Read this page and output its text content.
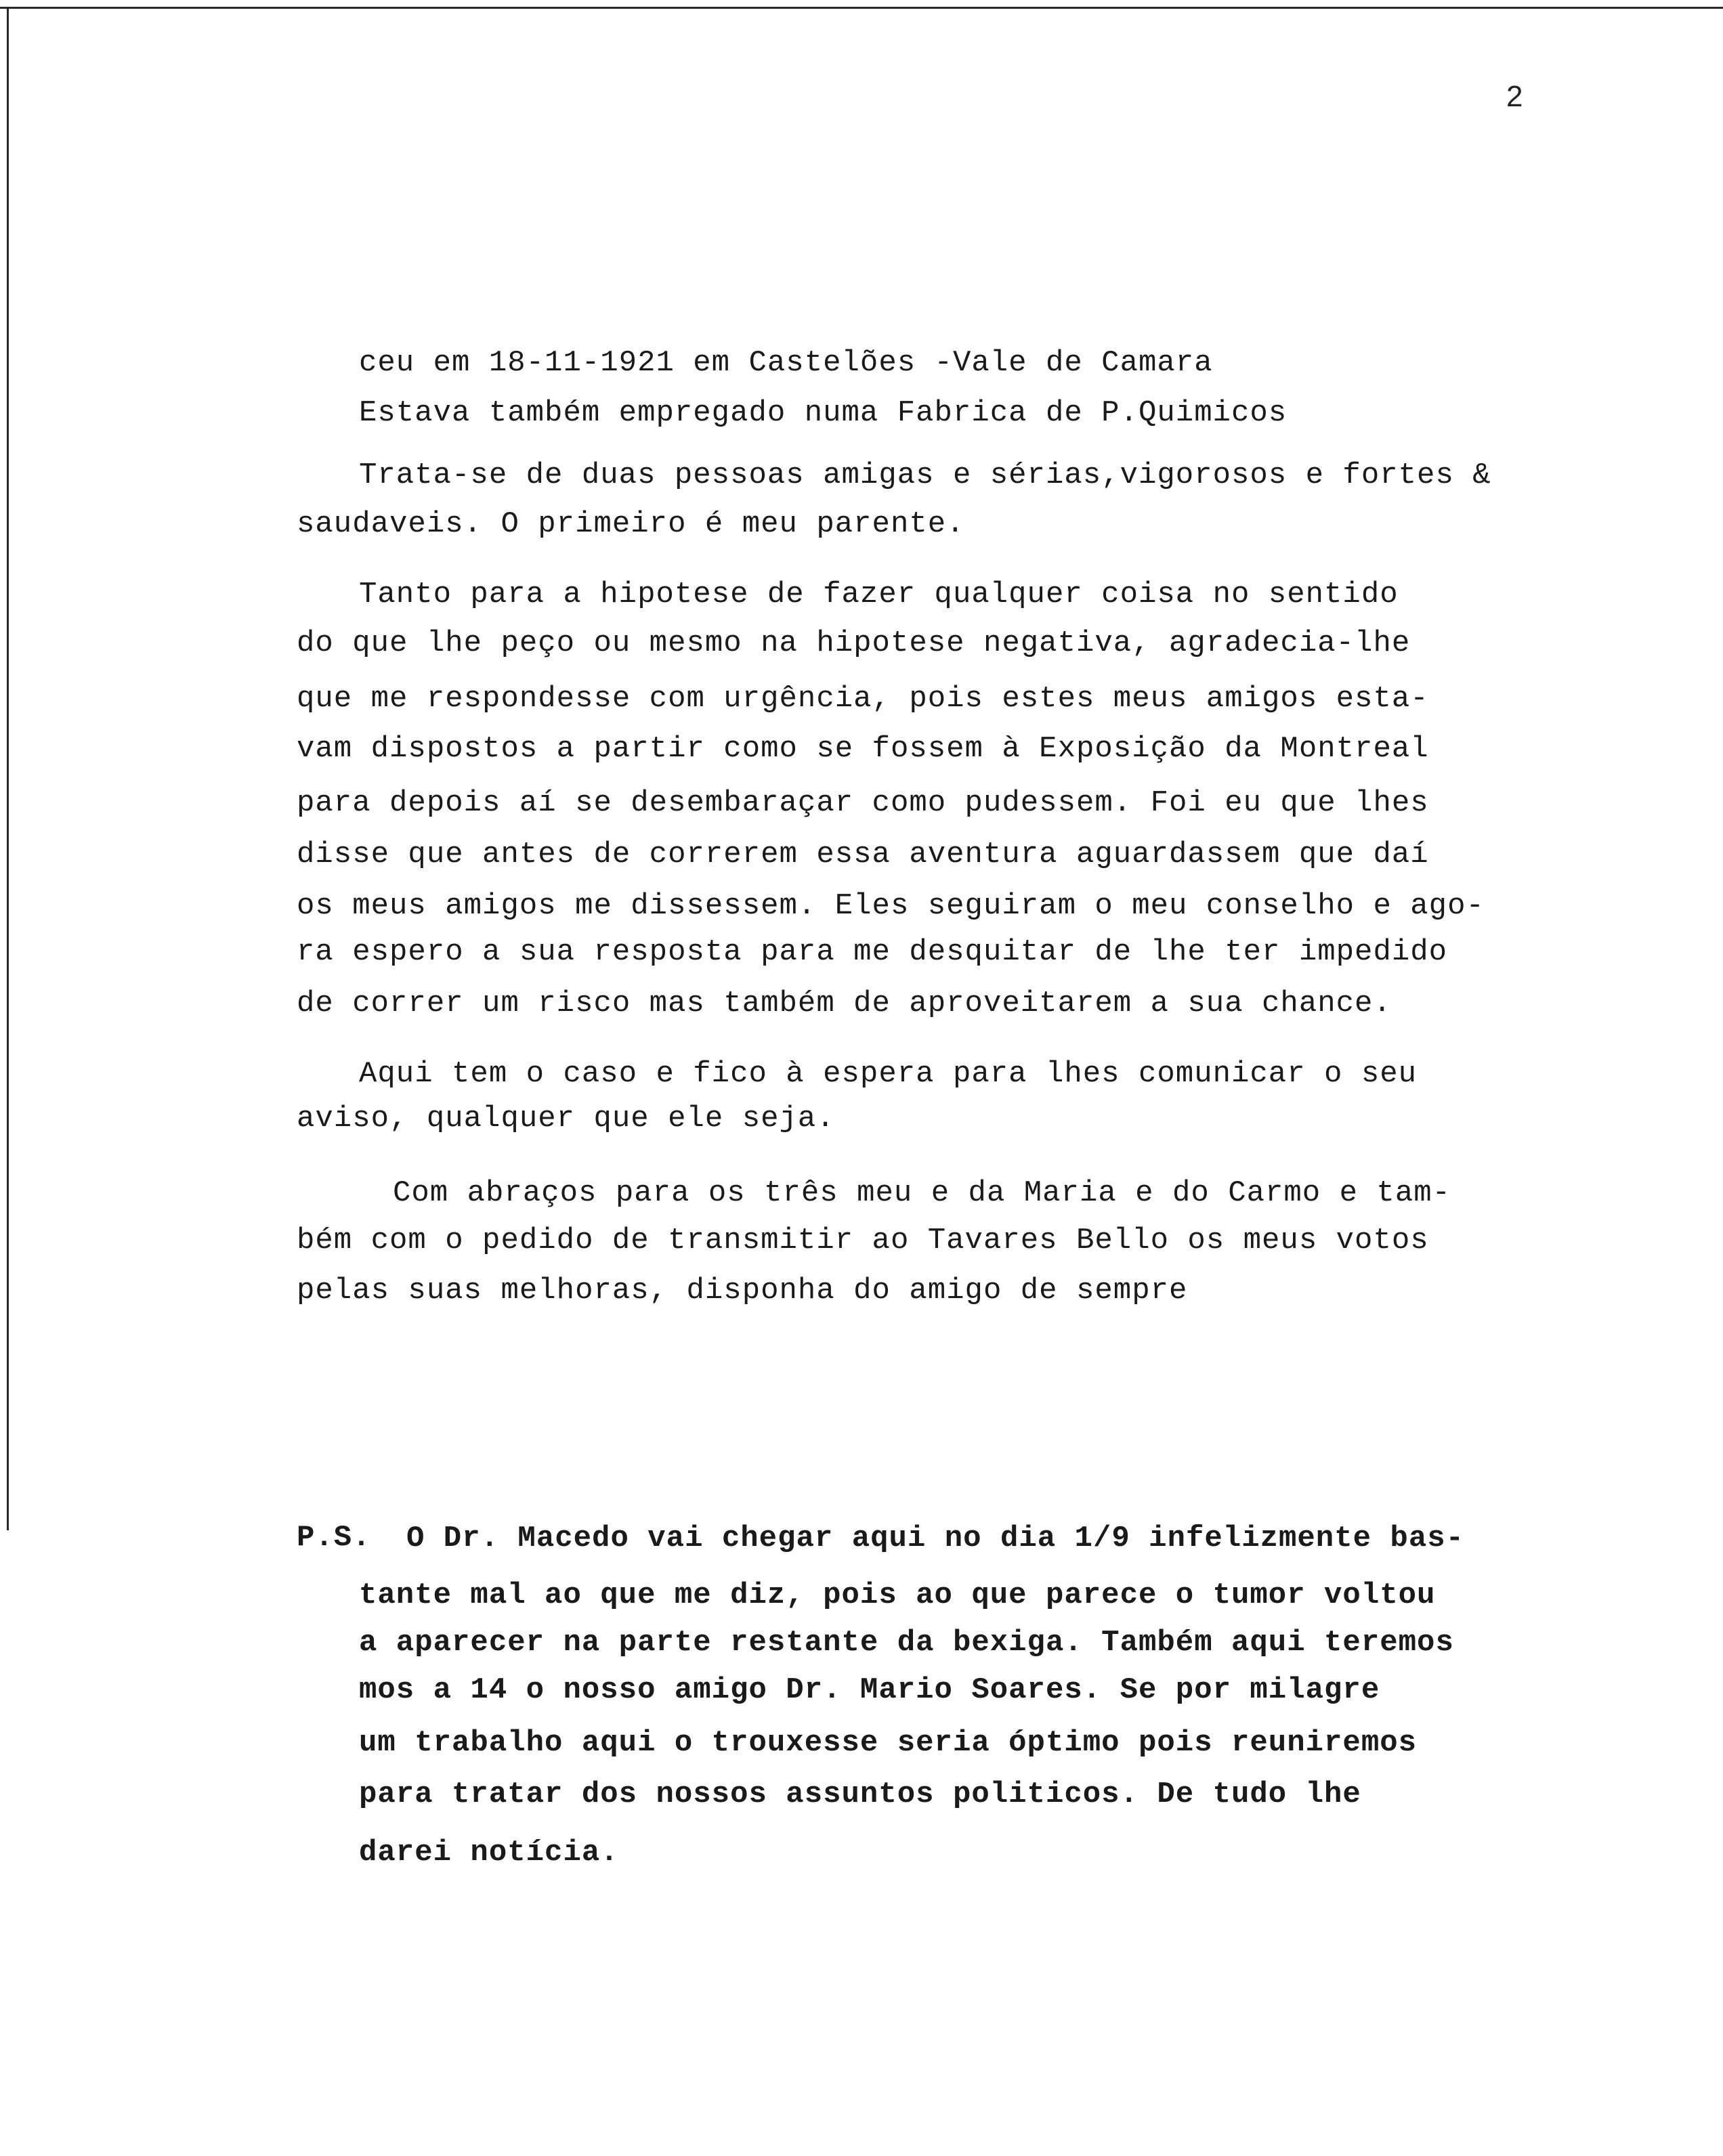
2
ceu em 18-11-1921 em Castelões -Vale de Camara
Estava também empregado numa Fabrica de P.Quimicos
Trata-se de duas pessoas amigas e sérias,vigorosos e fortes &
saudaveis. O primeiro é meu parente.
Tanto para a hipotese de fazer qualquer coisa no sentido
do que lhe peço ou mesmo na hipotese negativa, agradecia-lhe
que me respondesse com urgência, pois estes meus amigos esta-
vam dispostos a partir como se fossem à Exposição da Montreal
para depois aí se desembaraçar como pudessem. Foi eu que lhes
disse que antes de correrem essa aventura aguardassem que daí
os meus amigos me dissessem. Eles seguiram o meu conselho e ago-
ra espero a sua resposta para me desquitar de lhe ter impedido
de correr um risco mas também de aproveitarem a sua chance.
Aqui tem o caso e fico à espera para lhes comunicar o seu
aviso, qualquer que ele seja.
Com abraços para os três meu e da Maria e do Carmo e tam-
bém com o pedido de transmitir ao Tavares Bello os meus votos
pelas suas melhoras, disponha do amigo de sempre
P.S. O Dr. Macedo vai chegar aqui no dia 1/9 infelizmente bas-
tante mal ao que me diz, pois ao que parece o tumor voltou
a aparecer na parte restante da bexiga. Também aqui teremos
mos a 14 o nosso amigo Dr. Mario Soares. Se por milagre
um trabalho aqui o trouxesse seria óptimo pois reuniremos
para tratar dos nossos assuntos politicos. De tudo lhe
darei notícia.
